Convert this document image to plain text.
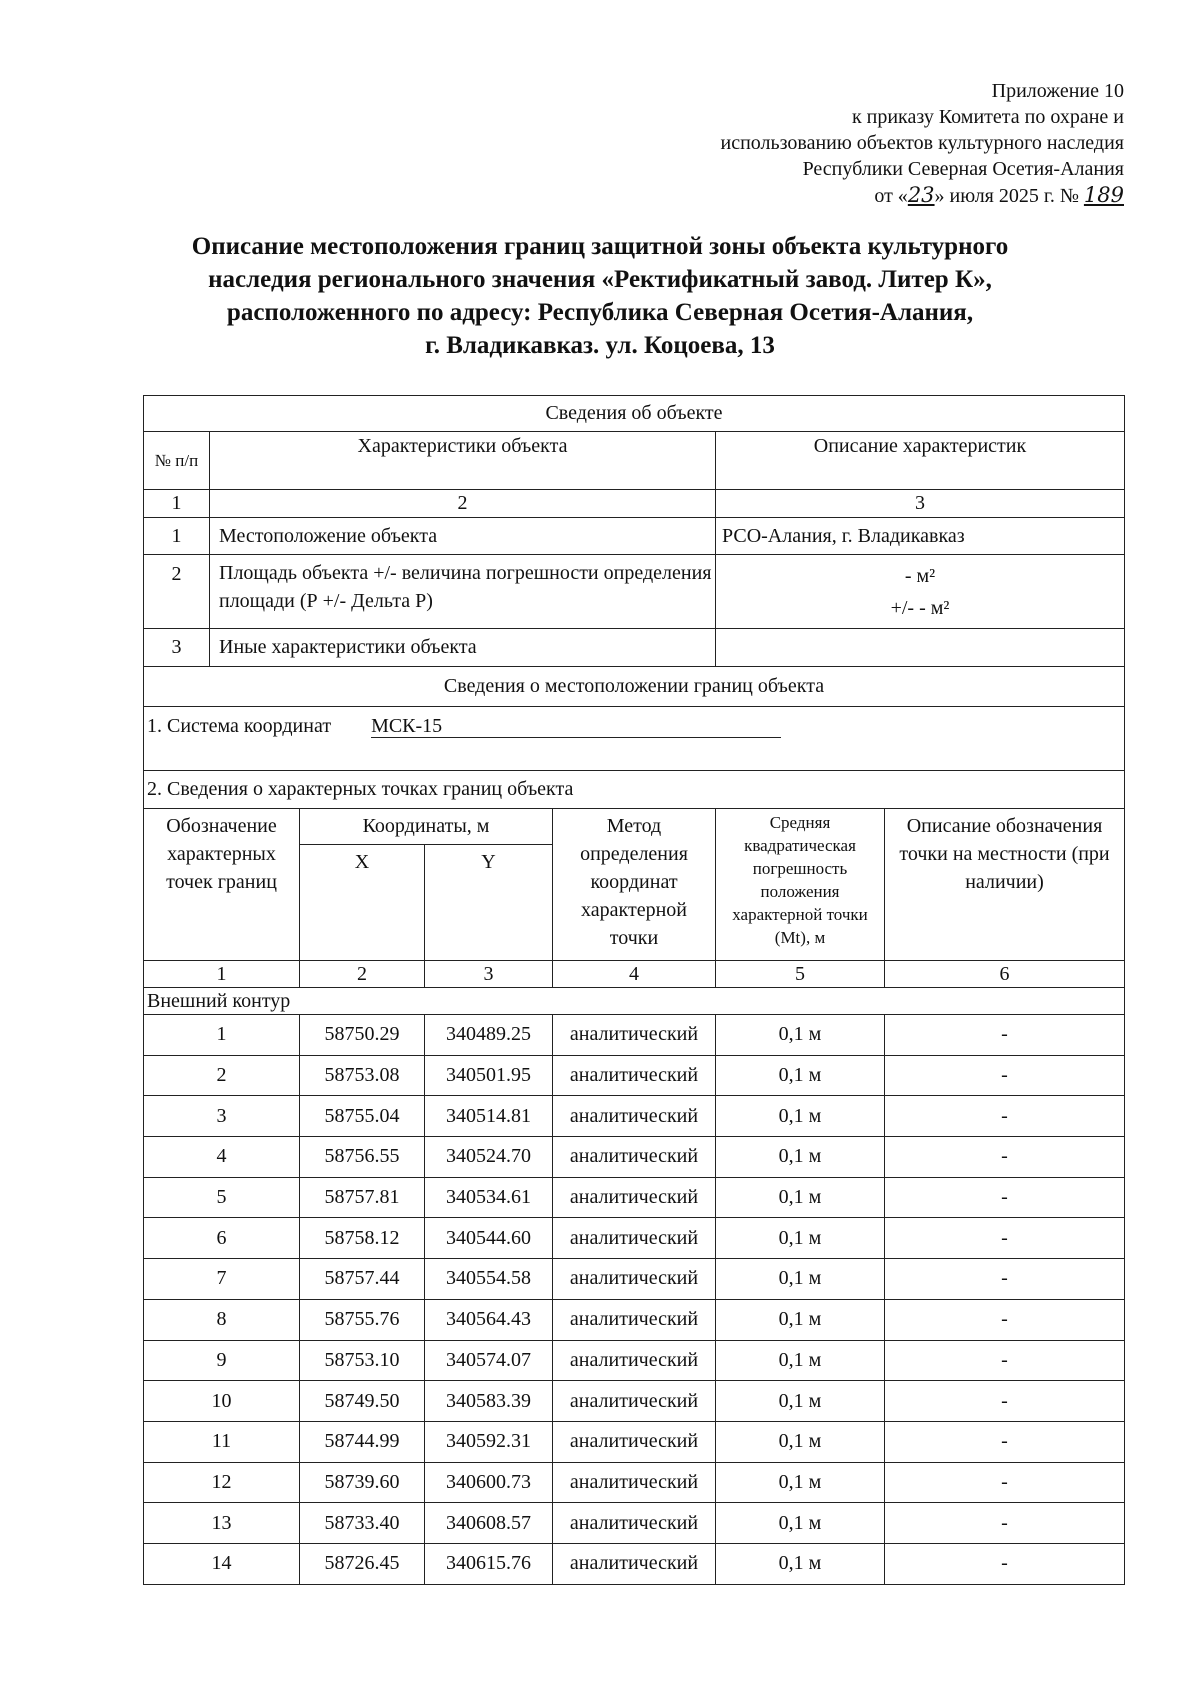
Приложение 10
к приказу Комитета по охране и
использованию объектов культурного наследия
Республики Северная Осетия-Алания
от «23» июля 2025 г. № 189
Описание местоположения границ защитной зоны объекта культурного
наследия регионального значения «Ректификатный завод. Литер К»,
расположенного по адресу: Республика Северная Осетия-Алания,
г. Владикавказ. ул. Коцоева, 13
Сведения об объекте						
№ п/п	Характеристики объекта				Описание характеристик	
1	2				3	
1	Местоположение объекта				РСО-Алания, г. Владикавказ	
2	Площадь объекта +/- величина погрешности определения площади (Р +/- Дельта Р)				- м²
+/- - м²	

3	Иные характеристики объекта					
Сведения о местоположении границ объекта						
1. Система координат МСК-15						
2. Сведения о характерных точках границ объекта						
Обозначение характерных точек границ		Координаты, м		Метод определения координат характерной точки	Средняя квадратическая погрешность положения характерной точки (Mt), м	Описание обозначения точки на местности (при наличии)
		X	Y			
1		2	3	4	5	6
Внешний контур						
1		58750.29	340489.25	аналитический	0,1 м	-
2		58753.08	340501.95	аналитический	0,1 м	-
3		58755.04	340514.81	аналитический	0,1 м	-
4		58756.55	340524.70	аналитический	0,1 м	-
5		58757.81	340534.61	аналитический	0,1 м	-
6		58758.12	340544.60	аналитический	0,1 м	-
7		58757.44	340554.58	аналитический	0,1 м	-
8		58755.76	340564.43	аналитический	0,1 м	-
9		58753.10	340574.07	аналитический	0,1 м	-
10		58749.50	340583.39	аналитический	0,1 м	-
11		58744.99	340592.31	аналитический	0,1 м	-
12		58739.60	340600.73	аналитический	0,1 м	-
13		58733.40	340608.57	аналитический	0,1 м	-
14		58726.45	340615.76	аналитический	0,1 м	-
